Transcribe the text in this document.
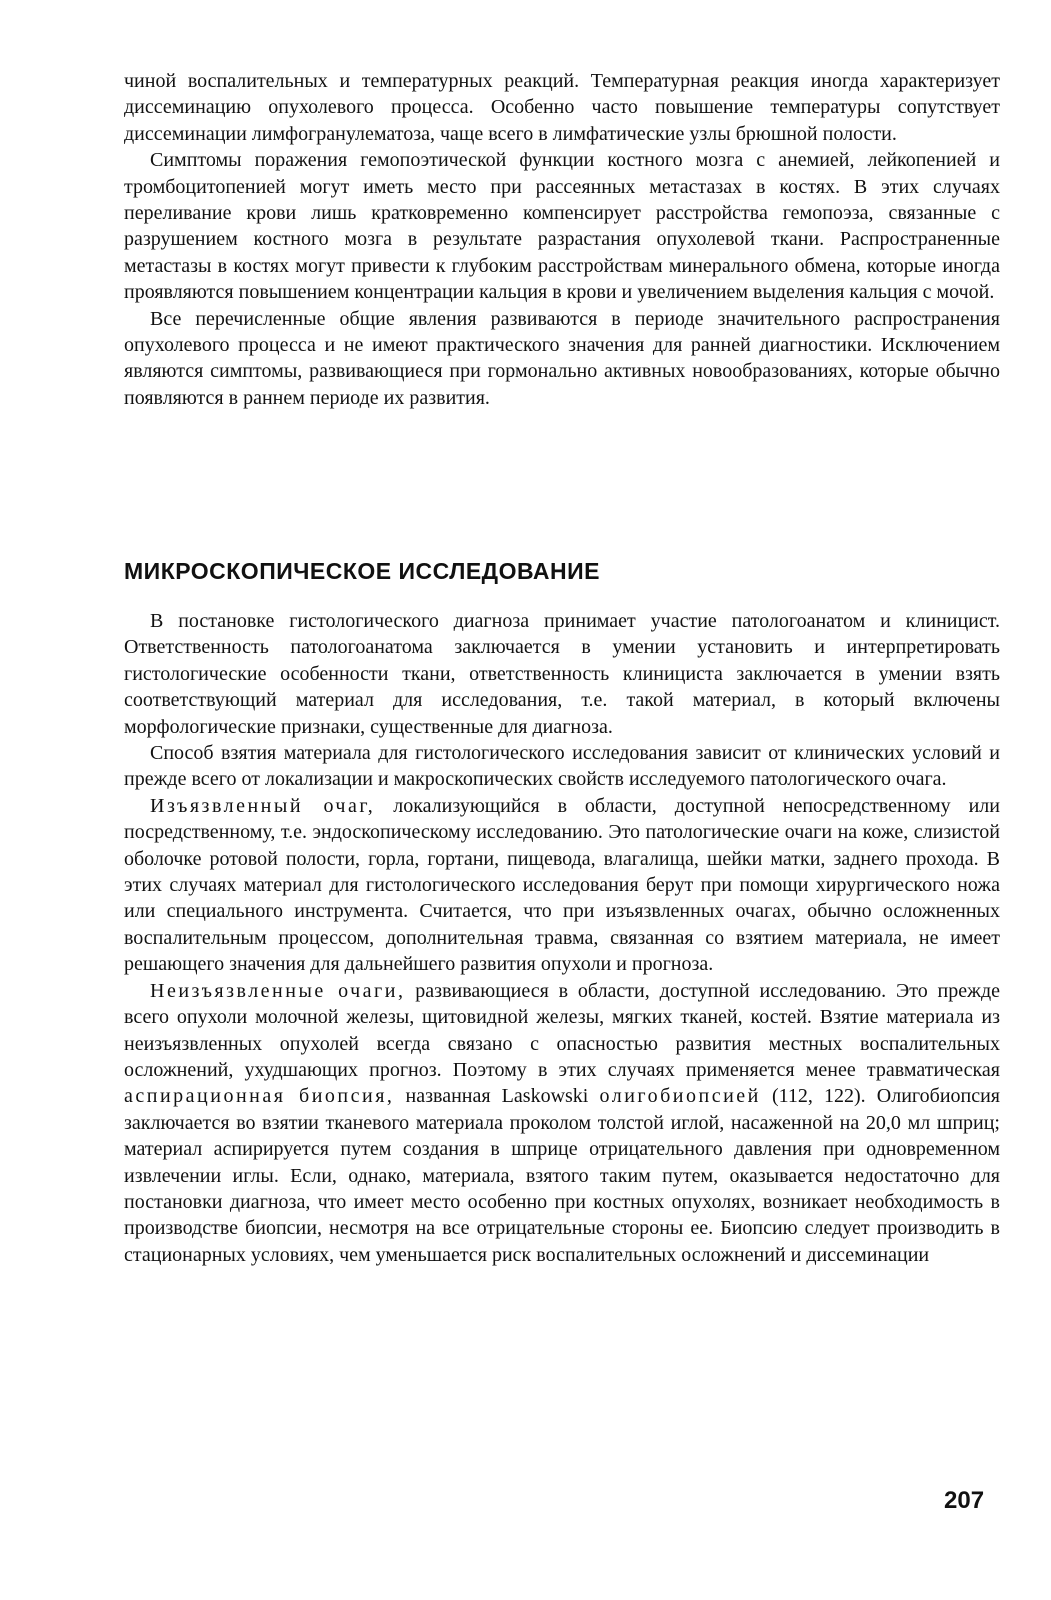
чиной воспалительных и температурных реакций. Температурная реакция иногда характеризует диссеминацию опухолевого процесса. Особенно часто повышение температуры сопутствует диссеминации лимфогранулематоза, чаще всего в лимфатические узлы брюшной полости.

Симптомы поражения гемопоэтической функции костного мозга с анемией, лейкопенией и тромбоцитопенией могут иметь место при рассеянных метастазах в костях. В этих случаях переливание крови лишь кратковременно компенсирует расстройства гемопоэза, связанные с разрушением костного мозга в результате разрастания опухолевой ткани. Распространенные метастазы в костях могут привести к глубоким расстройствам минерального обмена, которые иногда проявляются повышением концентрации кальция в крови и увеличением выделения кальция с мочой.

Все перечисленные общие явления развиваются в периоде значительного распространения опухолевого процесса и не имеют практического значения для ранней диагностики. Исключением являются симптомы, развивающиеся при гормонально активных новообразованиях, которые обычно появляются в раннем периоде их развития.

МИКРОСКОПИЧЕСКОЕ ИССЛЕДОВАНИЕ

В постановке гистологического диагноза принимает участие патологоанатом и клиницист. Ответственность патологоанатома заключается в умении установить и интерпретировать гистологические особенности ткани, ответственность клинициста заключается в умении взять соответствующий материал для исследования, т.е. такой материал, в который включены морфологические признаки, существенные для диагноза.

Способ взятия материала для гистологического исследования зависит от клинических условий и прежде всего от локализации и макроскопических свойств исследуемого патологического очага.

Изъязвленный очаг, локализующийся в области, доступной непосредственному или посредственному, т.е. эндоскопическому исследованию. Это патологические очаги на коже, слизистой оболочке ротовой полости, горла, гортани, пищевода, влагалища, шейки матки, заднего прохода. В этих случаях материал для гистологического исследования берут при помощи хирургического ножа или специального инструмента. Считается, что при изъязвленных очагах, обычно осложненных воспалительным процессом, дополнительная травма, связанная со взятием материала, не имеет решающего значения для дальнейшего развития опухоли и прогноза.

Неизъязвленные очаги, развивающиеся в области, доступной исследованию. Это прежде всего опухоли молочной железы, щитовидной железы, мягких тканей, костей. Взятие материала из неизъязвленных опухолей всегда связано с опасностью развития местных воспалительных осложнений, ухудшающих прогноз. Поэтому в этих случаях применяется менее травматическая аспирационная биопсия, названная Laskowski олигобиопсией (112, 122). Олигобиопсия заключается во взятии тканевого материала проколом толстой иглой, насаженной на 20,0 мл шприц; материал аспирируется путем создания в шприце отрицательного давления при одновременном извлечении иглы. Если, однако, материала, взятого таким путем, оказывается недостаточно для постановки диагноза, что имеет место особенно при костных опухолях, возникает необходимость в производстве биопсии, несмотря на все отрицательные стороны ее. Биопсию следует производить в стационарных условиях, чем уменьшается риск воспалительных осложнений и диссеминации

207
